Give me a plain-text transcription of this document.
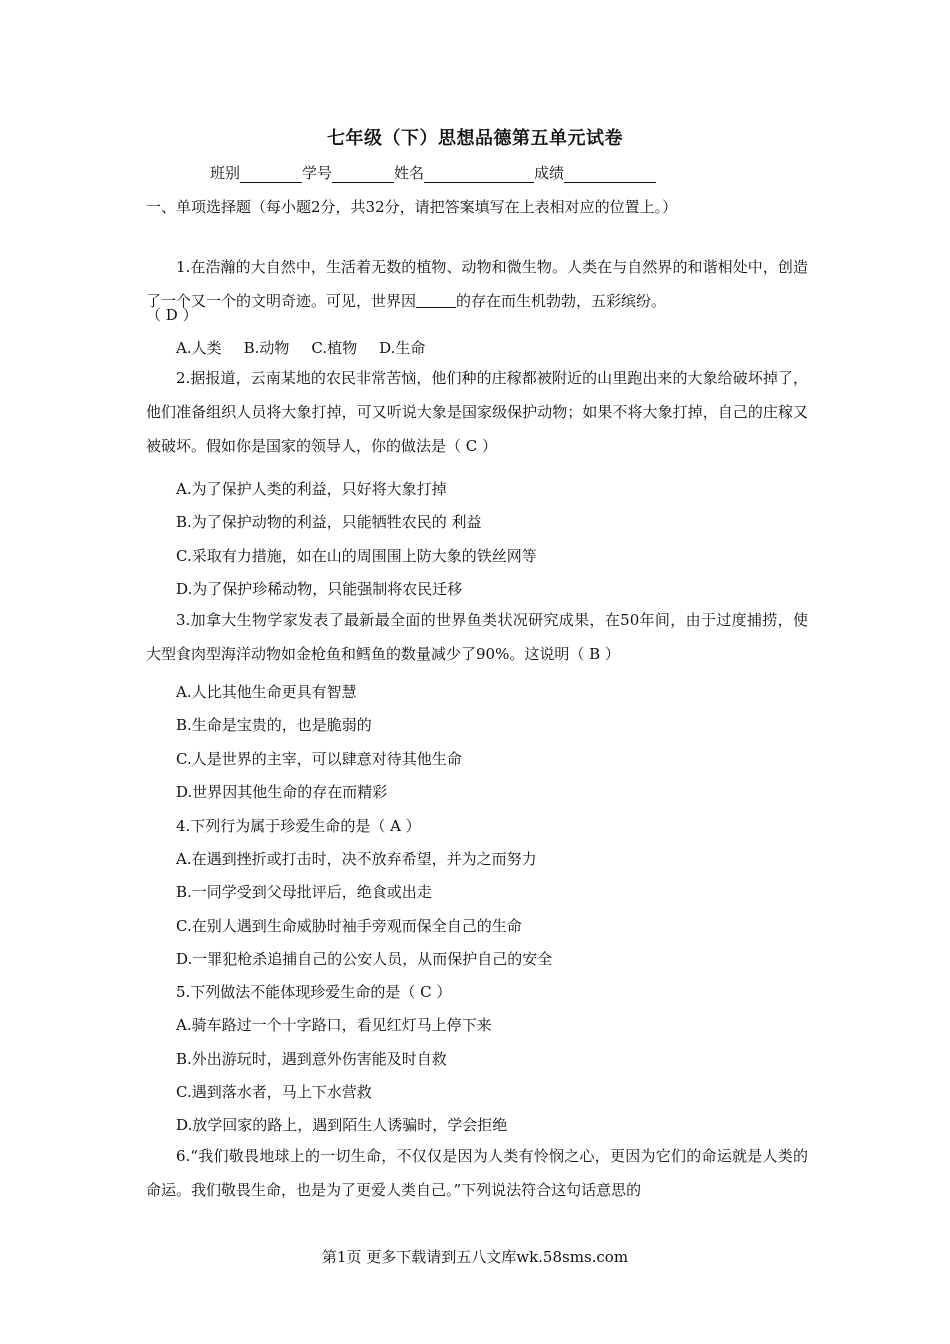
七年级（下）思想品德第五单元试卷
班别	学号	姓名	成绩
一、单项选择题（每小题2分，共32分，请把答案填写在上表相对应的位置上。）
1.在浩瀚的大自然中，生活着无数的植物、动物和微生物。人类在与自然界的和谐相处中，创造了一个又一个的文明奇迹。可见，世界因	的存在而生机勃勃，五彩缤纷。
（ D ）
A.人类 B.动物 C.植物 D.生命
2.据报道，云南某地的农民非常苦恼，他们种的庄稼都被附近的山里跑出来的大象给破坏掉了，他们准备组织人员将大象打掉，可又听说大象是国家级保护动物；如果不将大象打掉，自己的庄稼又被破坏。假如你是国家的领导人，你的做法是（ C ）
A.为了保护人类的利益，只好将大象打掉
B.为了保护动物的利益，只能牺牲农民的 利益
C.采取有力措施，如在山的周围围上防大象的铁丝网等
D.为了保护珍稀动物，只能强制将农民迁移
3.加拿大生物学家发表了最新最全面的世界鱼类状况研究成果，在50年间，由于过度捕捞，使大型食肉型海洋动物如金枪鱼和鳕鱼的数量减少了90%。这说明（ B ）
A.人比其他生命更具有智慧
B.生命是宝贵的，也是脆弱的
C.人是世界的主宰，可以肆意对待其他生命
D.世界因其他生命的存在而精彩
4.下列行为属于珍爱生命的是（ A ）
A.在遇到挫折或打击时，决不放弃希望，并为之而努力
B.一同学受到父母批评后，绝食或出走
C.在别人遇到生命威胁时袖手旁观而保全自己的生命
D.一罪犯枪杀追捕自己的公安人员，从而保护自己的安全
5.下列做法不能体现珍爱生命的是（ C ）
A.骑车路过一个十字路口，看见红灯马上停下来
B.外出游玩时，遇到意外伤害能及时自救
C.遇到落水者，马上下水营救
D.放学回家的路上，遇到陌生人诱骗时，学会拒绝
6.“我们敬畏地球上的一切生命，不仅仅是因为人类有怜悯之心，更因为它们的命运就是人类的命运。我们敬畏生命，也是为了更爱人类自己。”下列说法符合这句话意思的
第1页 更多下载请到五八文库wk.58sms.com
